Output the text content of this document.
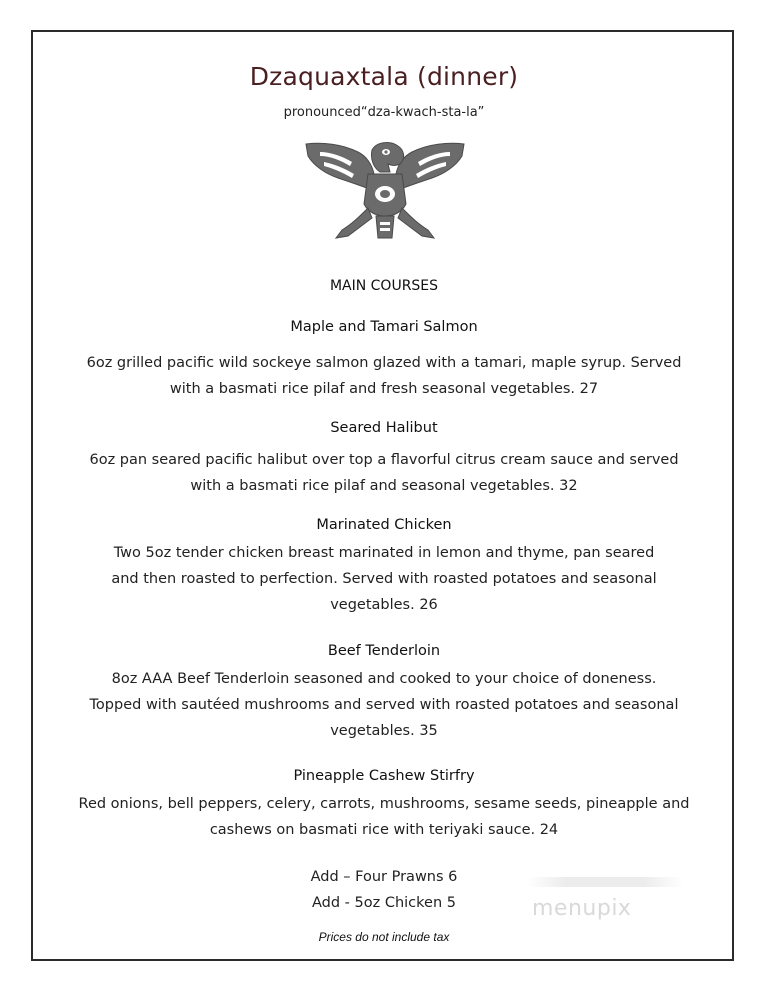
Dzaquaxtala (dinner)
pronounced“dza-kwach-sta-la”
MAIN COURSES
Maple and Tamari Salmon
6oz grilled pacific wild sockeye salmon glazed with a tamari, maple syrup. Served
with a basmati rice pilaf and fresh seasonal vegetables. 27
Seared Halibut
6oz pan seared pacific halibut over top a flavorful citrus cream sauce and served
with a basmati rice pilaf and seasonal vegetables. 32
Marinated Chicken
Two 5oz tender chicken breast marinated in lemon and thyme, pan seared
and then roasted to perfection. Served with roasted potatoes and seasonal
vegetables. 26
Beef Tenderloin
8oz AAA Beef Tenderloin seasoned and cooked to your choice of doneness.
Topped with sautéed mushrooms and served with roasted potatoes and seasonal
vegetables. 35
Pineapple Cashew Stirfry
Red onions, bell peppers, celery, carrots, mushrooms, sesame seeds, pineapple and
cashews on basmati rice with teriyaki sauce. 24
Add – Four Prawns 6
Add - 5oz Chicken 5
Prices do not include tax
menupix
